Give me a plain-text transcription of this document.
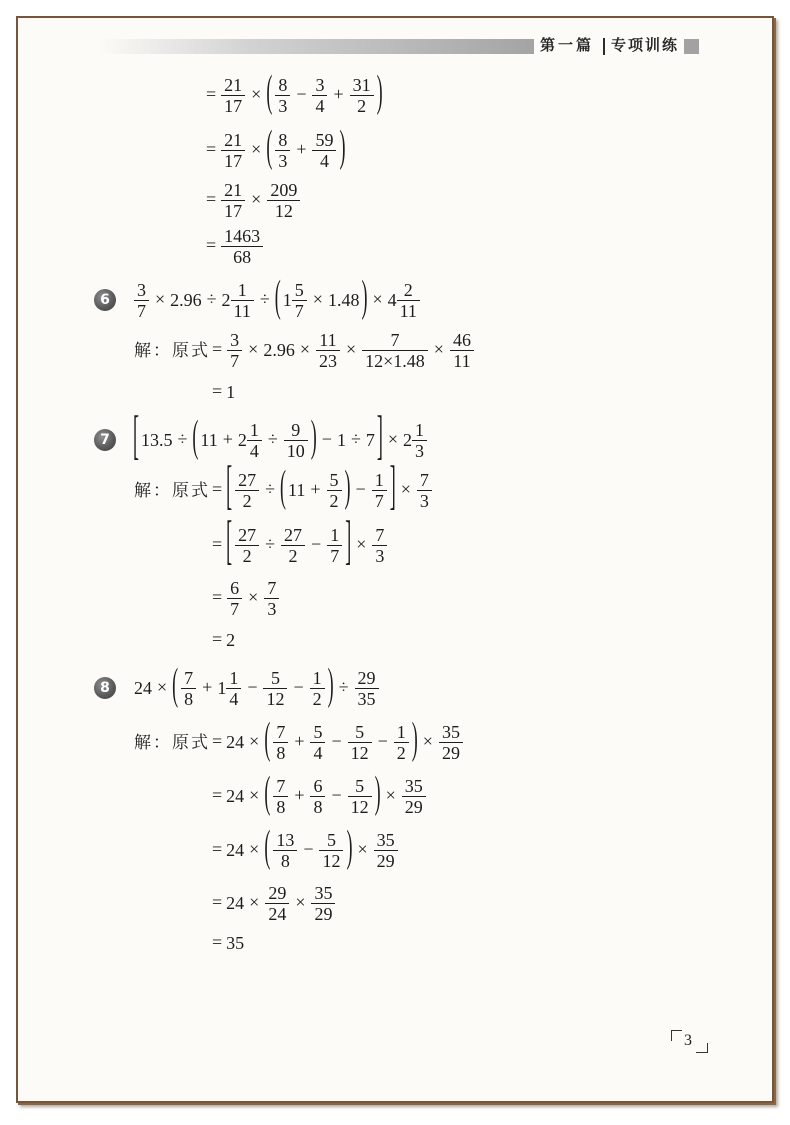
第一篇 专项训练
= $\frac{21}{17}$ × ( $\frac{8}{3} - \frac{3}{4} + \frac{31}{2}$ )
= $\frac{21}{17}$ × ( $\frac{8}{3} + \frac{59}{4}$ )
= $\frac{21}{17} \times \frac{209}{12}$
= $\frac{1463}{68}$
6	$\frac{3}{7} \times 2.96 \div 2 \frac{1}{11}$ ÷ ( $1 \frac{5}{7} \times 1.48$ ) × $4 \frac{2}{11}$
解：原式 = $\frac{3}{7} \times 2.96 \times \frac{11}{23} \times \frac{7}{12\times 1.48} \times \frac{46}{11}$
= 1
7	[ 13.5 ÷ ( $11 + 2 \frac{1}{4} \div \frac{9}{10}$ ) − 1 ÷ 7 ] × $2 \frac{1}{3}$
解：原式 = [ $\frac{27}{2}$ ÷ ( $11 + \frac{5}{2}$ ) − $\frac{1}{7}$ ] × $\frac{7}{3}$
= [ $\frac{27}{2} \div \frac{27}{2} - \frac{1}{7}$ ] × $\frac{7}{3}$
= $\frac{6}{7} \times \frac{7}{3}$
= 2
8	24 × ( $\frac{7}{8} + 1 \frac{1}{4} - \frac{5}{12} - \frac{1}{2}$ ) ÷ $\frac{29}{35}$
解：原式 = 24 × ( $\frac{7}{8} + \frac{5}{4} - \frac{5}{12} - \frac{1}{2}$ ) × $\frac{35}{29}$
= 24 × ( $\frac{7}{8} + \frac{6}{8} - \frac{5}{12}$ ) × $\frac{35}{29}$
= 24 × ( $\frac{13}{8} - \frac{5}{12}$ ) × $\frac{35}{29}$
= $24 \times \frac{29}{24} \times \frac{35}{29}$
= 35
3
